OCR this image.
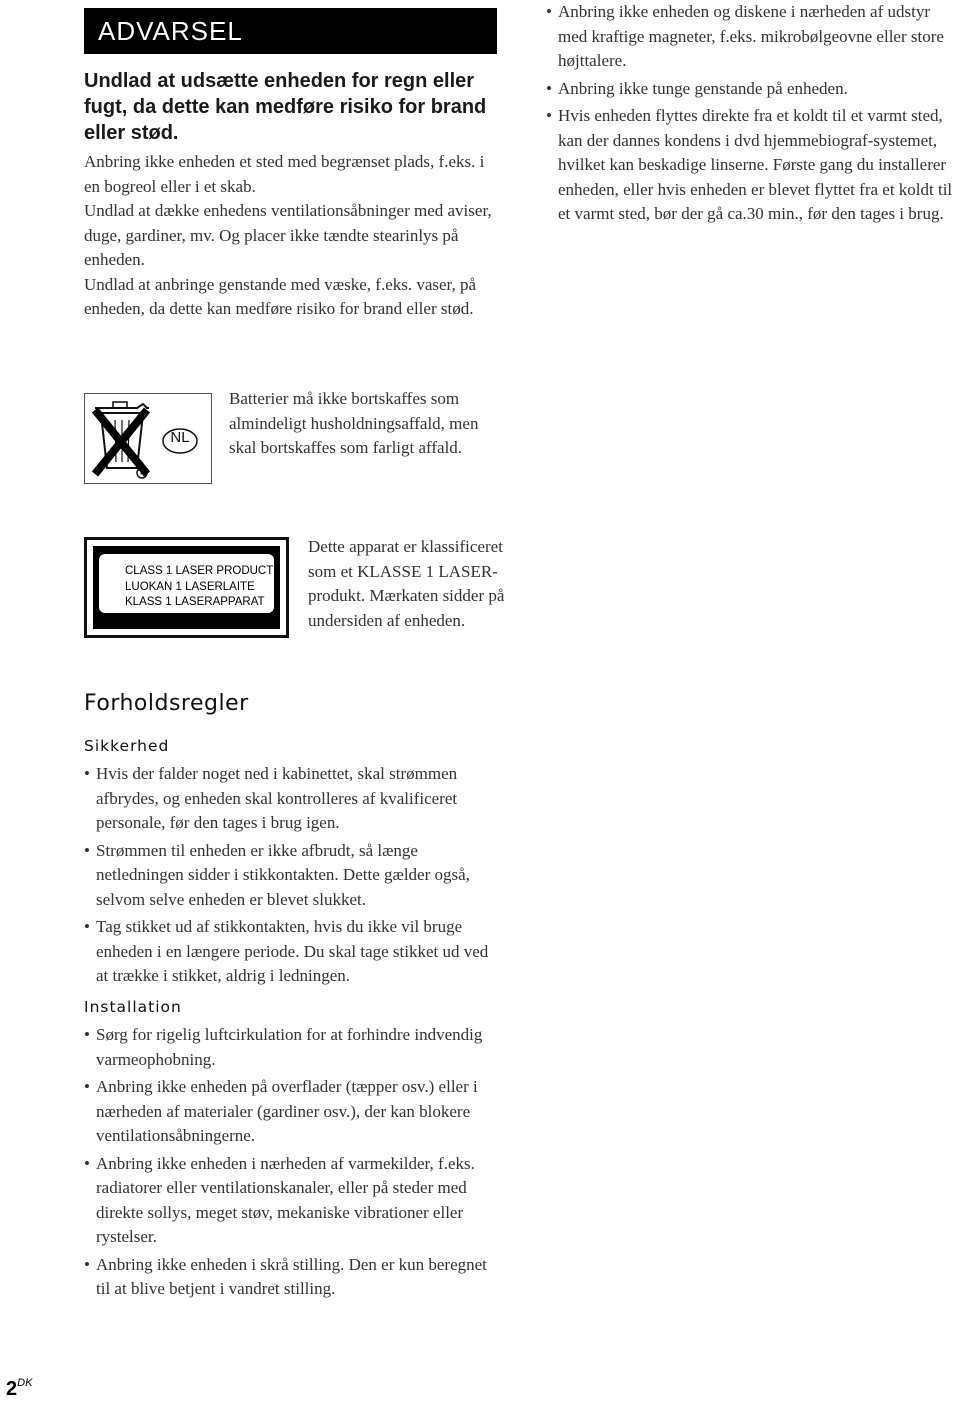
ADVARSEL
Undlad at udsætte enheden for regn eller fugt, da dette kan medføre risiko for brand eller stød.

Anbring ikke enheden et sted med begrænset plads, f.eks. i en bogreol eller i et skab.

Undlad at dække enhedens ventilationsåbninger med aviser, duge, gardiner, mv. Og placer ikke tændte stearinlys på enheden.

Undlad at anbringe genstande med væske, f.eks. vaser, på enheden, da dette kan medføre risiko for brand eller stød.

• Anbring ikke enheden og diskene i nærheden af udstyr med kraftige magneter, f.eks. mikrobølgeovne eller store højttalere.
• Anbring ikke tunge genstande på enheden.
• Hvis enheden flyttes direkte fra et koldt til et varmt sted, kan der dannes kondens i dvd hjemmebiograf-systemet, hvilket kan beskadige linserne. Første gang du installerer enheden, eller hvis enheden er blevet flyttet fra et koldt til et varmt sted, bør der gå ca.30 min., før den tages i brug.
NL
Batterier må ikke bortskaffes som almindeligt husholdningsaffald, men skal bortskaffes som farligt affald.
CLASS 1 LASER PRODUCT
LUOKAN 1 LASERLAITE
KLASS 1 LASERAPPARAT
Dette apparat er klassificeret som et KLASSE 1 LASER-produkt. Mærkaten sidder på undersiden af enheden.
Forholdsregler
Sikkerhed
• Hvis der falder noget ned i kabinettet, skal strømmen afbrydes, og enheden skal kontrolleres af kvalificeret personale, før den tages i brug igen.
• Strømmen til enheden er ikke afbrudt, så længe netledningen sidder i stikkontakten. Dette gælder også, selvom selve enheden er blevet slukket.
• Tag stikket ud af stikkontakten, hvis du ikke vil bruge enheden i en længere periode. Du skal tage stikket ud ved at trække i stikket, aldrig i ledningen.
Installation
• Sørg for rigelig luftcirkulation for at forhindre indvendig varmeophobning.
• Anbring ikke enheden på overflader (tæpper osv.) eller i nærheden af materialer (gardiner osv.), der kan blokere ventilationsåbningerne.
• Anbring ikke enheden i nærheden af varmekilder, f.eks. radiatorer eller ventilationskanaler, eller på steder med direkte sollys, meget støv, mekaniske vibrationer eller rystelser.
• Anbring ikke enheden i skrå stilling. Den er kun beregnet til at blive betjent i vandret stilling.
$2^{DK}$
